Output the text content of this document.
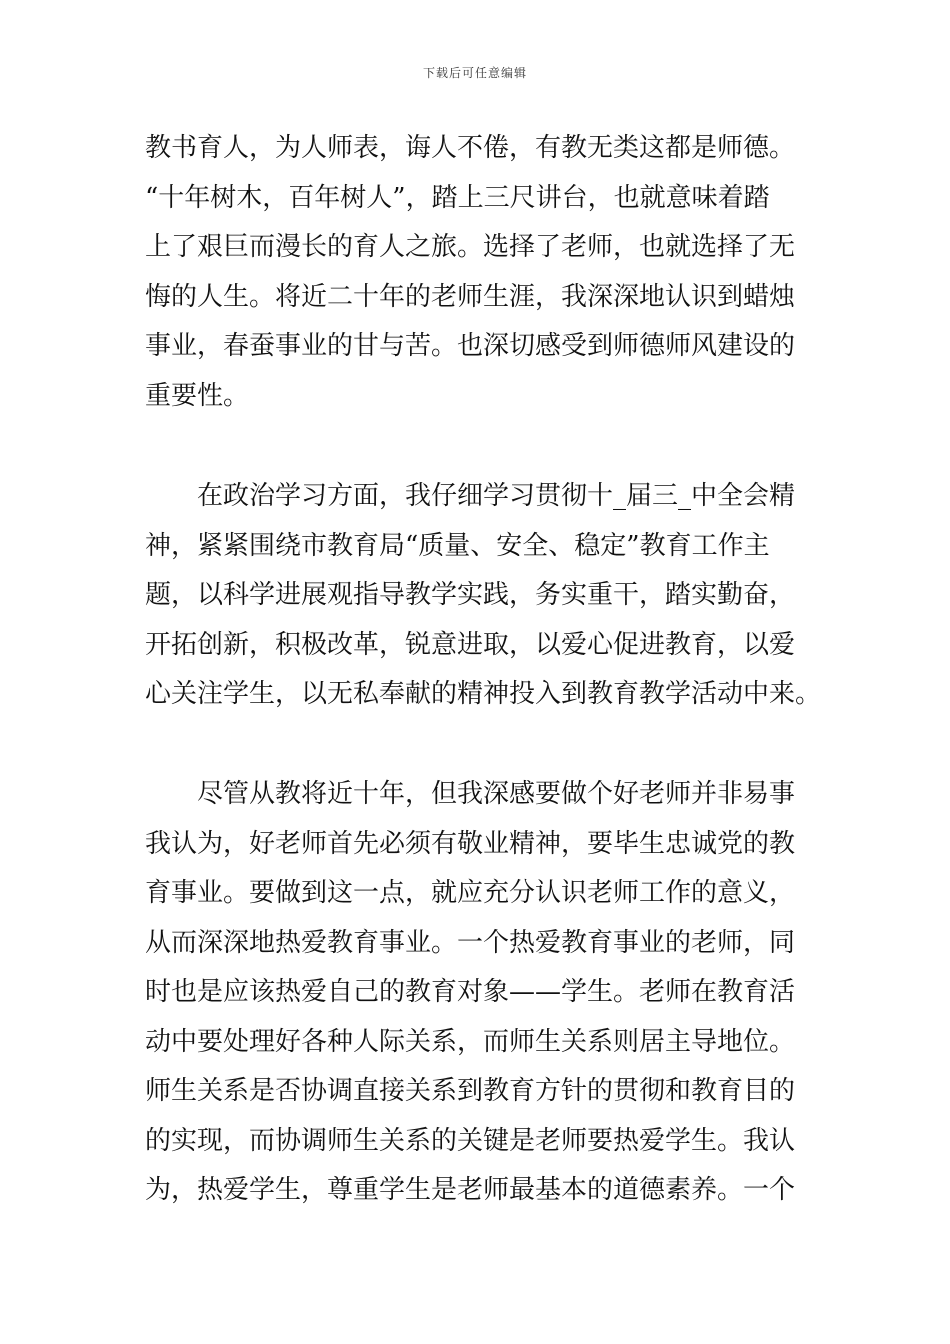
下载后可任意编辑
教书育人，为人师表，诲人不倦，有教无类这都是师德。
“十年树木，百年树人”，踏上三尺讲台，也就意味着踏
上了艰巨而漫长的育人之旅。选择了老师，也就选择了无
悔的人生。将近二十年的老师生涯，我深深地认识到蜡烛
事业，春蚕事业的甘与苦。也深切感受到师德师风建设的
重要性。
在政治学习方面，我仔细学习贯彻十_届三_中全会精
神，紧紧围绕市教育局“质量、安全、稳定”教育工作主
题，以科学进展观指导教学实践，务实重干，踏实勤奋，
开拓创新，积极改革，锐意进取，以爱心促进教育，以爱
心关注学生，以无私奉献的精神投入到教育教学活动中来。
尽管从教将近十年，但我深感要做个好老师并非易事
我认为，好老师首先必须有敬业精神，要毕生忠诚党的教
育事业。要做到这一点，就应充分认识老师工作的意义，
从而深深地热爱教育事业。一个热爱教育事业的老师，同
时也是应该热爱自己的教育对象——学生。老师在教育活
动中要处理好各种人际关系，而师生关系则居主导地位。
师生关系是否协调直接关系到教育方针的贯彻和教育目的
的实现，而协调师生关系的关键是老师要热爱学生。我认
为，热爱学生，尊重学生是老师最基本的道德素养。一个
